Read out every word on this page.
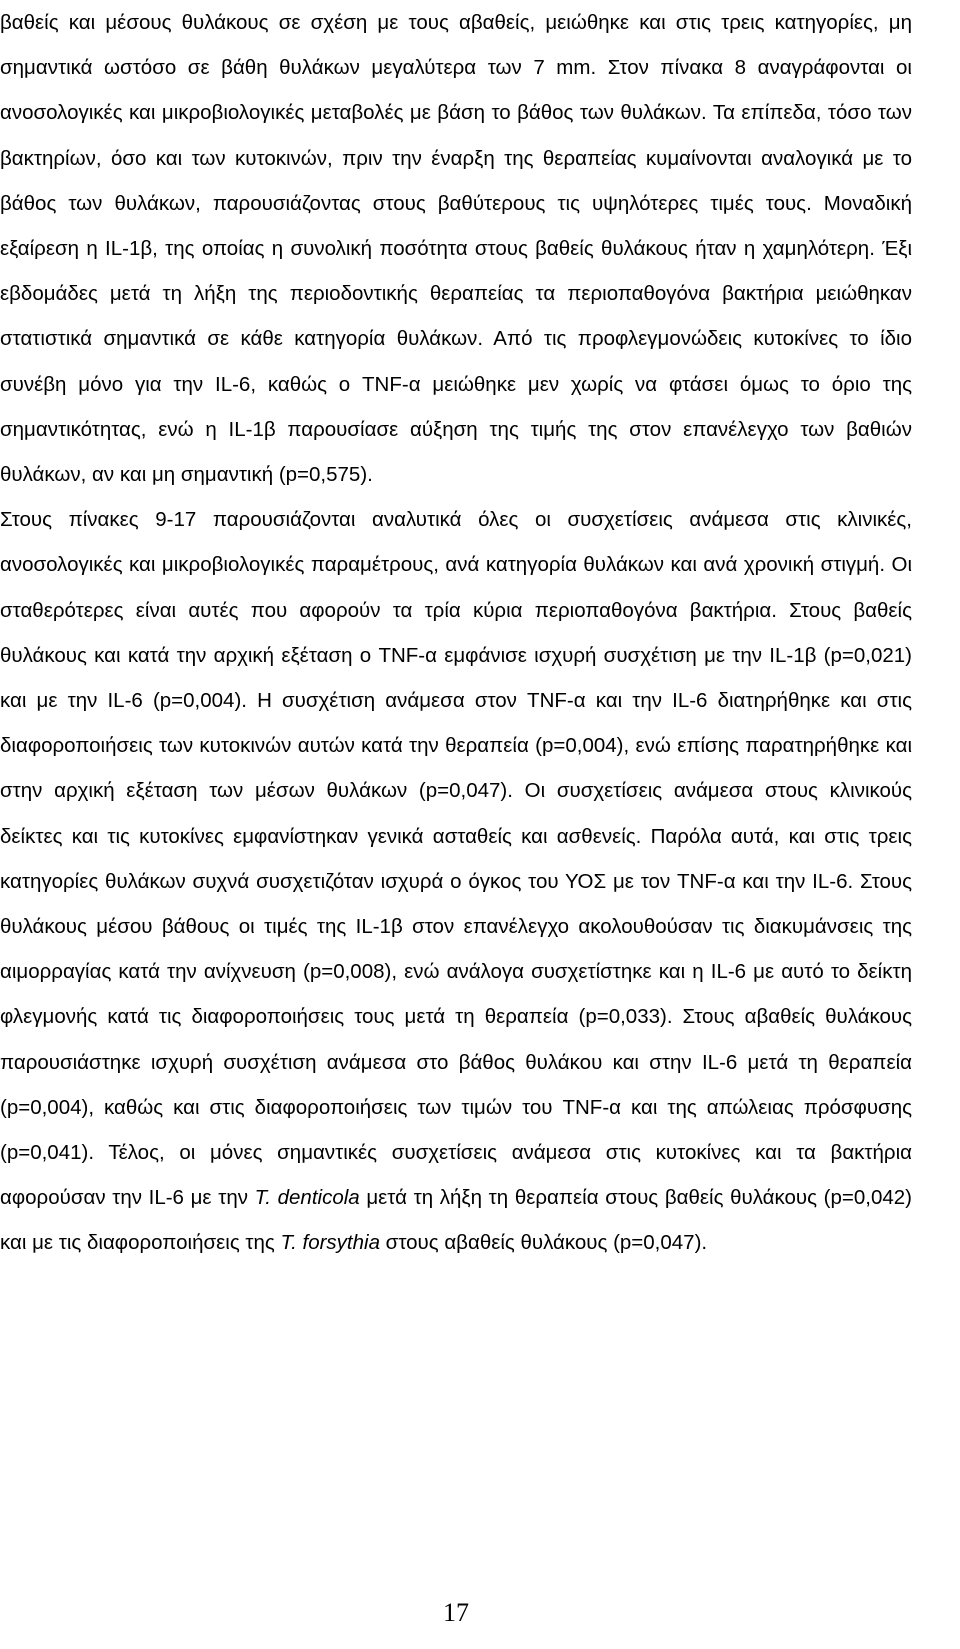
βαθείς και μέσους θυλάκους σε σχέση με τους αβαθείς, μειώθηκε και στις τρεις κατηγορίες, μη σημαντικά ωστόσο σε βάθη θυλάκων μεγαλύτερα των 7 mm. Στον πίνακα 8 αναγράφονται οι ανοσολογικές και μικροβιολογικές μεταβολές με βάση το βάθος των θυλάκων. Τα επίπεδα, τόσο των βακτηρίων, όσο και των κυτοκινών, πριν την έναρξη της θεραπείας κυμαίνονται αναλογικά με το βάθος των θυλάκων, παρουσιάζοντας στους βαθύτερους τις υψηλότερες τιμές τους. Μοναδική εξαίρεση η IL-1β, της οποίας η συνολική ποσότητα στους βαθείς θυλάκους ήταν η χαμηλότερη. Έξι εβδομάδες μετά τη λήξη της περιοδοντικής θεραπείας τα περιοπαθογόνα βακτήρια μειώθηκαν στατιστικά σημαντικά σε κάθε κατηγορία θυλάκων. Από τις προφλεγμονώδεις κυτοκίνες το ίδιο συνέβη μόνο για την IL-6, καθώς ο TNF-α μειώθηκε μεν χωρίς να φτάσει όμως το όριο της σημαντικότητας, ενώ η IL-1β παρουσίασε αύξηση της τιμής της στον επανέλεγχο των βαθιών θυλάκων, αν και μη σημαντική (p=0,575).

Στους πίνακες 9-17 παρουσιάζονται αναλυτικά όλες οι συσχετίσεις ανάμεσα στις κλινικές, ανοσολογικές και μικροβιολογικές παραμέτρους, ανά κατηγορία θυλάκων και ανά χρονική στιγμή. Οι σταθερότερες είναι αυτές που αφορούν τα τρία κύρια περιοπαθογόνα βακτήρια. Στους βαθείς θυλάκους και κατά την αρχική εξέταση ο TNF-α εμφάνισε ισχυρή συσχέτιση με την IL-1β (p=0,021) και με την IL-6 (p=0,004). Η συσχέτιση ανάμεσα στον TNF-α και την IL-6 διατηρήθηκε και στις διαφοροποιήσεις των κυτοκινών αυτών κατά την θεραπεία (p=0,004), ενώ επίσης παρατηρήθηκε και στην αρχική εξέταση των μέσων θυλάκων (p=0,047). Οι συσχετίσεις ανάμεσα στους κλινικούς δείκτες και τις κυτοκίνες εμφανίστηκαν γενικά ασταθείς και ασθενείς. Παρόλα αυτά, και στις τρεις κατηγορίες θυλάκων συχνά συσχετιζόταν ισχυρά ο όγκος του ΥΟΣ με τον TNF-α και την IL-6. Στους θυλάκους μέσου βάθους οι τιμές της IL-1β στον επανέλεγχο ακολουθούσαν τις διακυμάνσεις της αιμορραγίας κατά την ανίχνευση (p=0,008), ενώ ανάλογα συσχετίστηκε και η IL-6 με αυτό το δείκτη φλεγμονής κατά τις διαφοροποιήσεις τους μετά τη θεραπεία (p=0,033). Στους αβαθείς θυλάκους παρουσιάστηκε ισχυρή συσχέτιση ανάμεσα στο βάθος θυλάκου και στην IL-6 μετά τη θεραπεία (p=0,004), καθώς και στις διαφοροποιήσεις των τιμών του TNF-α και της απώλειας πρόσφυσης (p=0,041). Τέλος, οι μόνες σημαντικές συσχετίσεις ανάμεσα στις κυτοκίνες και τα βακτήρια αφορούσαν την IL-6 με την T. denticola μετά τη λήξη τη θεραπεία στους βαθείς θυλάκους (p=0,042) και με τις διαφοροποιήσεις της T. forsythia στους αβαθείς θυλάκους (p=0,047).

17
